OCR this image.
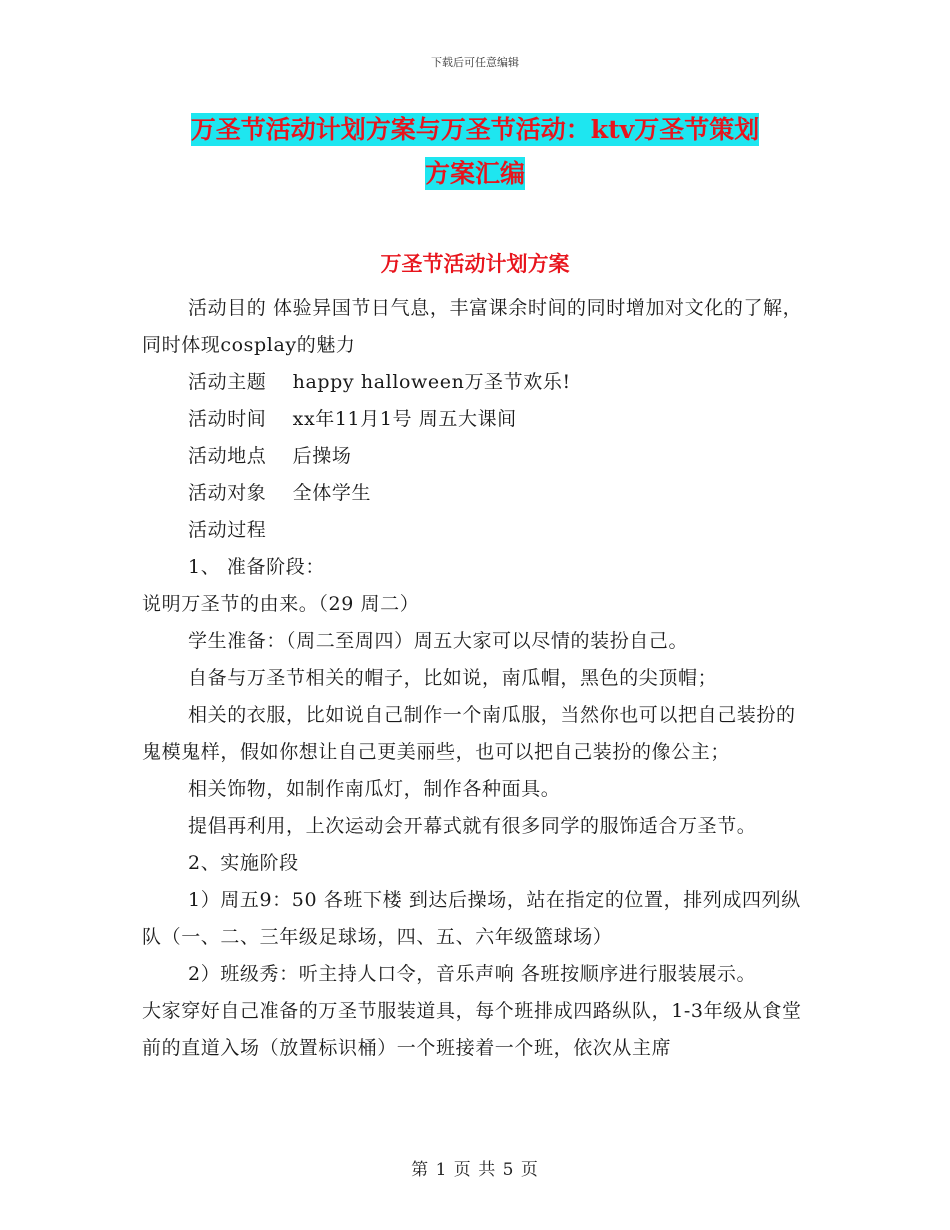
下载后可任意编辑
万圣节活动计划方案与万圣节活动：ktv万圣节策划
方案汇编
万圣节活动计划方案

活动目的 体验异国节日气息，丰富课余时间的同时增加对文化的了解，同时体现cosplay的魅力

活动主题　 happy halloween万圣节欢乐!

活动时间　 xx年11月1号 周五大课间

活动地点　 后操场

活动对象　 全体学生

活动过程

1、 准备阶段：

说明万圣节的由来。（29 周二）

学生准备：（周二至周四）周五大家可以尽情的装扮自己。

自备与万圣节相关的帽子，比如说，南瓜帽，黑色的尖顶帽；

相关的衣服，比如说自己制作一个南瓜服，当然你也可以把自己装扮的鬼模鬼样，假如你想让自己更美丽些，也可以把自己装扮的像公主；

相关饰物，如制作南瓜灯，制作各种面具。

提倡再利用，上次运动会开幕式就有很多同学的服饰适合万圣节。

2、实施阶段

1）周五9：50 各班下楼 到达后操场，站在指定的位置，排列成四列纵队（一、二、三年级足球场，四、五、六年级篮球场）

2）班级秀：听主持人口令，音乐声响 各班按顺序进行服装展示。

大家穿好自己准备的万圣节服装道具，每个班排成四路纵队，1-3年级从食堂前的直道入场（放置标识桶）一个班接着一个班，依次从主席

第 1 页 共 5 页
